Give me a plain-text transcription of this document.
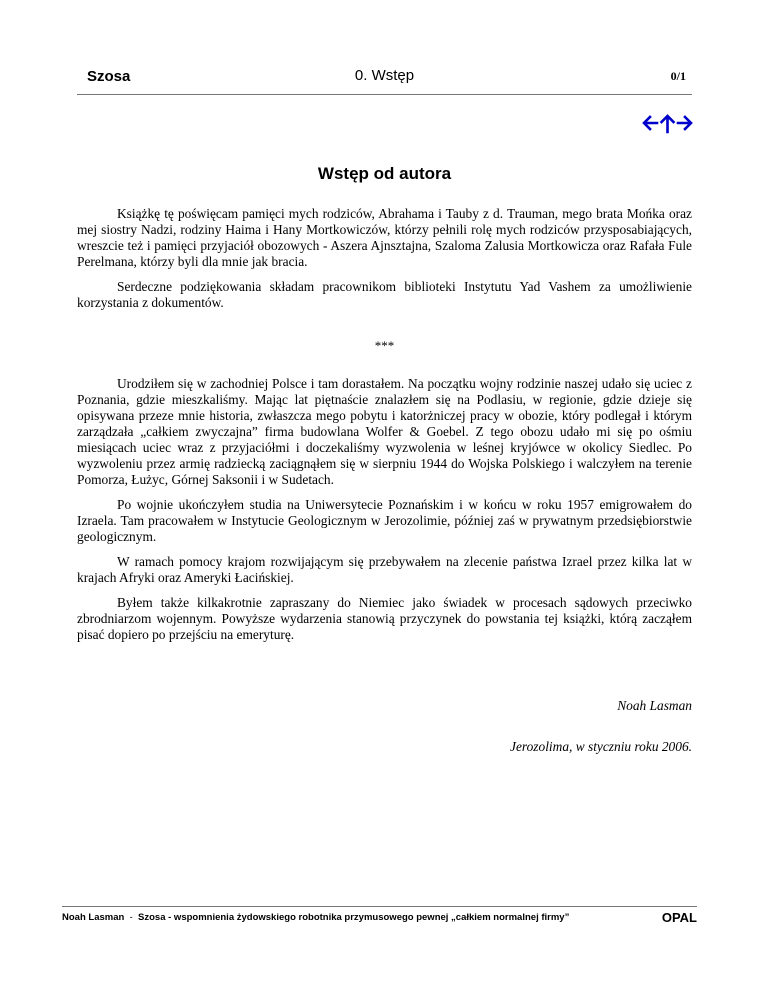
Szosa	0. Wstęp	0/1
Wstęp od autora

Książkę tę poświęcam pamięci mych rodziców, Abrahama i Tauby z d. Trauman, mego brata Mońka oraz mej siostry Nadzi, rodziny Haima i Hany Mortkowiczów, którzy pełnili rolę mych rodziców przysposabiających, wreszcie też i pamięci przyjaciół obozowych - Aszera Ajnsztajna, Szaloma Zalusia Mortkowicza oraz Rafała Fule Perelmana, którzy byli dla mnie jak bracia.

Serdeczne podziękowania składam pracownikom biblioteki Instytutu Yad Vashem za umożliwienie korzystania z dokumentów.

***

Urodziłem się w zachodniej Polsce i tam dorastałem. Na początku wojny rodzinie naszej udało się uciec z Poznania, gdzie mieszkaliśmy. Mając lat piętnaście znalazłem się na Podlasiu, w regionie, gdzie dzieje się opisywana przeze mnie historia, zwłaszcza mego pobytu i katorżniczej pracy w obozie, który podlegał i którym zarządzała „całkiem zwyczajna” firma budowlana Wolfer & Goebel. Z tego obozu udało mi się po ośmiu miesiącach uciec wraz z przyjaciółmi i doczekaliśmy wyzwolenia w leśnej kryjówce w okolicy Siedlec. Po wyzwoleniu przez armię radziecką zaciągnąłem się w sierpniu 1944 do Wojska Polskiego i walczyłem na terenie Pomorza, Łużyc, Górnej Saksonii i w Sudetach.

Po wojnie ukończyłem studia na Uniwersytecie Poznańskim i w końcu w roku 1957 emigrowałem do Izraela. Tam pracowałem w Instytucie Geologicznym w Jerozolimie, później zaś w prywatnym przedsiębiorstwie geologicznym.

W ramach pomocy krajom rozwijającym się przebywałem na zlecenie państwa Izrael przez kilka lat w krajach Afryki oraz Ameryki Łacińskiej.

Byłem także kilkakrotnie zapraszany do Niemiec jako świadek w procesach sądowych przeciwko zbrodniarzom wojennym. Powyższe wydarzenia stanowią przyczynek do powstania tej książki, którą zacząłem pisać dopiero po przejściu na emeryturę.

Noah Lasman
Jerozolima, w styczniu roku 2006.
Noah Lasman  -  Szosa - wspomnienia żydowskiego robotnika przymusowego pewnej „całkiem normalnej firmy”	OPAL
